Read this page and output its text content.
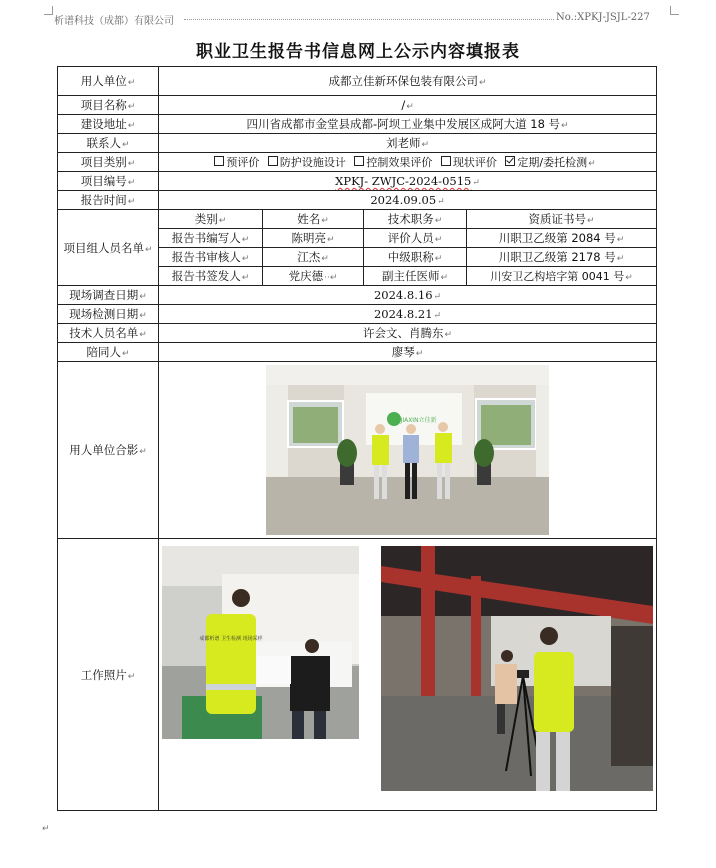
析谱科技（成都）有限公司	No.:XPKJ-JSJL-227
职业卫生报告书信息网上公示内容填报表
用人单位↵	成都立佳新环保包装有限公司↵			
项目名称↵	/↵			
建设地址↵	四川省成都市金堂县成都-阿坝工业集中发展区成阿大道 18 号↵			
联系人↵	刘老师↵			
项目类别↵	预评价 防护设施设计 控制效果评价 现状评价 定期/委托检测↵			
项目编号↵	XPKJ- ZWJC-2024-0515↵			
报告时间↵	2024.09.05↵			
项目组人员名单↵	类别↵	姓名↵	技术职务↵	资质证书号↵
	报告书编写人↵	陈明亮↵	评价人员↵	川职卫乙级第 2084 号↵
	报告书审核人↵	江杰↵	中级职称↵	川职卫乙级第 2178 号↵
	报告书签发人↵	党庆德··↵	副主任医师↵	川安卫乙构培字第 0041 号↵
现场调查日期↵	2024.8.16↵			
现场检测日期↵	2024.8.21↵			
技术人员名单↵	许会文、肖腾东↵			
陪同人↵	廖琴↵			
用人单位合影↵	LIJIAXIN立佳新			

工作照片↵	成都析谱 卫生检测 现场采样			
↵
